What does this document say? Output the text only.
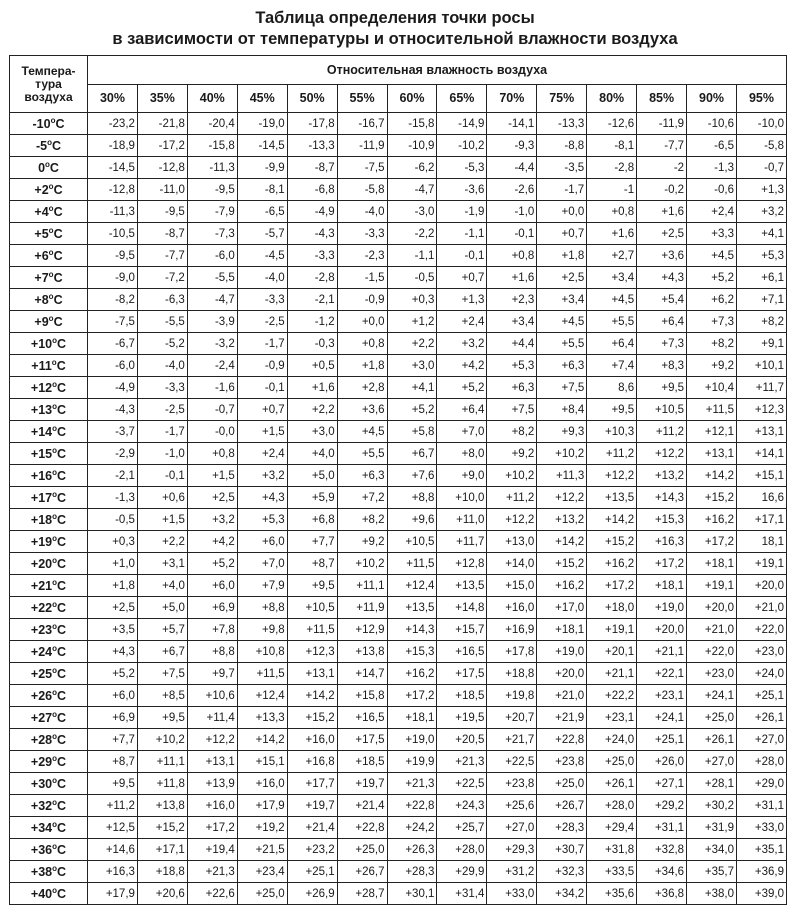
Таблица определения точки росы
в зависимости от температуры и относительной влажности воздуха
Темпера-
тура
воздуха	Относительная влажность воздуха													
	30%	35%	40%	45%	50%	55%	60%	65%	70%	75%	80%	85%	90%	95%
-10$^o$C	-23,2	-21,8	-20,4	-19,0	-17,8	-16,7	-15,8	-14,9	-14,1	-13,3	-12,6	-11,9	-10,6	-10,0
-5$^o$C	-18,9	-17,2	-15,8	-14,5	-13,3	-11,9	-10,9	-10,2	-9,3	-8,8	-8,1	-7,7	-6,5	-5,8
0$^o$C	-14,5	-12,8	-11,3	-9,9	-8,7	-7,5	-6,2	-5,3	-4,4	-3,5	-2,8	-2	-1,3	-0,7
$+2^oC$	-12,8	-11,0	-9,5	-8,1	-6,8	-5,8	-4,7	-3,6	-2,6	-1,7	-1	-0,2	-0,6	+1,3
$+4^oC$	-11,3	-9,5	-7,9	-6,5	-4,9	-4,0	-3,0	-1,9	-1,0	+0,0	+0,8	+1,6	+2,4	+3,2
$+5^oC$	-10,5	-8,7	-7,3	-5,7	-4,3	-3,3	-2,2	-1,1	-0,1	+0,7	+1,6	+2,5	+3,3	+4,1
$+6^oC$	-9,5	-7,7	-6,0	-4,5	-3,3	-2,3	-1,1	-0,1	+0,8	+1,8	+2,7	+3,6	+4,5	+5,3
$+7^oC$	-9,0	-7,2	-5,5	-4,0	-2,8	-1,5	-0,5	+0,7	+1,6	+2,5	+3,4	+4,3	+5,2	+6,1
$+8^oC$	-8,2	-6,3	-4,7	-3,3	-2,1	-0,9	+0,3	+1,3	+2,3	+3,4	+4,5	+5,4	+6,2	+7,1
$+9^oC$	-7,5	-5,5	-3,9	-2,5	-1,2	+0,0	+1,2	+2,4	+3,4	+4,5	+5,5	+6,4	+7,3	+8,2
$+10^oC$	-6,7	-5,2	-3,2	-1,7	-0,3	+0,8	+2,2	+3,2	+4,4	+5,5	+6,4	+7,3	+8,2	+9,1
$+11^oC$	-6,0	-4,0	-2,4	-0,9	+0,5	+1,8	+3,0	+4,2	+5,3	+6,3	+7,4	+8,3	+9,2	+10,1
$+12^oC$	-4,9	-3,3	-1,6	-0,1	+1,6	+2,8	+4,1	+5,2	+6,3	+7,5	8,6	+9,5	+10,4	+11,7
$+13^oC$	-4,3	-2,5	-0,7	+0,7	+2,2	+3,6	+5,2	+6,4	+7,5	+8,4	+9,5	+10,5	+11,5	+12,3
$+14^oC$	-3,7	-1,7	-0,0	+1,5	+3,0	+4,5	+5,8	+7,0	+8,2	+9,3	+10,3	+11,2	+12,1	+13,1
$+15^oC$	-2,9	-1,0	+0,8	+2,4	+4,0	+5,5	+6,7	+8,0	+9,2	+10,2	+11,2	+12,2	+13,1	+14,1
$+16^oC$	-2,1	-0,1	+1,5	+3,2	+5,0	+6,3	+7,6	+9,0	+10,2	+11,3	+12,2	+13,2	+14,2	+15,1
$+17^oC$	-1,3	+0,6	+2,5	+4,3	+5,9	+7,2	+8,8	+10,0	+11,2	+12,2	+13,5	+14,3	+15,2	16,6
$+18^oC$	-0,5	+1,5	+3,2	+5,3	+6,8	+8,2	+9,6	+11,0	+12,2	+13,2	+14,2	+15,3	+16,2	+17,1
$+19^oC$	+0,3	+2,2	+4,2	+6,0	+7,7	+9,2	+10,5	+11,7	+13,0	+14,2	+15,2	+16,3	+17,2	18,1
$+20^oC$	+1,0	+3,1	+5,2	+7,0	+8,7	+10,2	+11,5	+12,8	+14,0	+15,2	+16,2	+17,2	+18,1	+19,1
$+21^oC$	+1,8	+4,0	+6,0	+7,9	+9,5	+11,1	+12,4	+13,5	+15,0	+16,2	+17,2	+18,1	+19,1	+20,0
$+22^oC$	+2,5	+5,0	+6,9	+8,8	+10,5	+11,9	+13,5	+14,8	+16,0	+17,0	+18,0	+19,0	+20,0	+21,0
$+23^oC$	+3,5	+5,7	+7,8	+9,8	+11,5	+12,9	+14,3	+15,7	+16,9	+18,1	+19,1	+20,0	+21,0	+22,0
$+24^oC$	+4,3	+6,7	+8,8	+10,8	+12,3	+13,8	+15,3	+16,5	+17,8	+19,0	+20,1	+21,1	+22,0	+23,0
$+25^oC$	+5,2	+7,5	+9,7	+11,5	+13,1	+14,7	+16,2	+17,5	+18,8	+20,0	+21,1	+22,1	+23,0	+24,0
$+26^oC$	+6,0	+8,5	+10,6	+12,4	+14,2	+15,8	+17,2	+18,5	+19,8	+21,0	+22,2	+23,1	+24,1	+25,1
$+27^oC$	+6,9	+9,5	+11,4	+13,3	+15,2	+16,5	+18,1	+19,5	+20,7	+21,9	+23,1	+24,1	+25,0	+26,1
$+28^oC$	+7,7	+10,2	+12,2	+14,2	+16,0	+17,5	+19,0	+20,5	+21,7	+22,8	+24,0	+25,1	+26,1	+27,0
$+29^oC$	+8,7	+11,1	+13,1	+15,1	+16,8	+18,5	+19,9	+21,3	+22,5	+23,8	+25,0	+26,0	+27,0	+28,0
$+30^oC$	+9,5	+11,8	+13,9	+16,0	+17,7	+19,7	+21,3	+22,5	+23,8	+25,0	+26,1	+27,1	+28,1	+29,0
$+32^oC$	+11,2	+13,8	+16,0	+17,9	+19,7	+21,4	+22,8	+24,3	+25,6	+26,7	+28,0	+29,2	+30,2	+31,1
$+34^oC$	+12,5	+15,2	+17,2	+19,2	+21,4	+22,8	+24,2	+25,7	+27,0	+28,3	+29,4	+31,1	+31,9	+33,0
$+36^oC$	+14,6	+17,1	+19,4	+21,5	+23,2	+25,0	+26,3	+28,0	+29,3	+30,7	+31,8	+32,8	+34,0	+35,1
$+38^oC$	+16,3	+18,8	+21,3	+23,4	+25,1	+26,7	+28,3	+29,9	+31,2	+32,3	+33,5	+34,6	+35,7	+36,9
$+40^oC$	+17,9	+20,6	+22,6	+25,0	+26,9	+28,7	+30,1	+31,4	+33,0	+34,2	+35,6	+36,8	+38,0	+39,0
